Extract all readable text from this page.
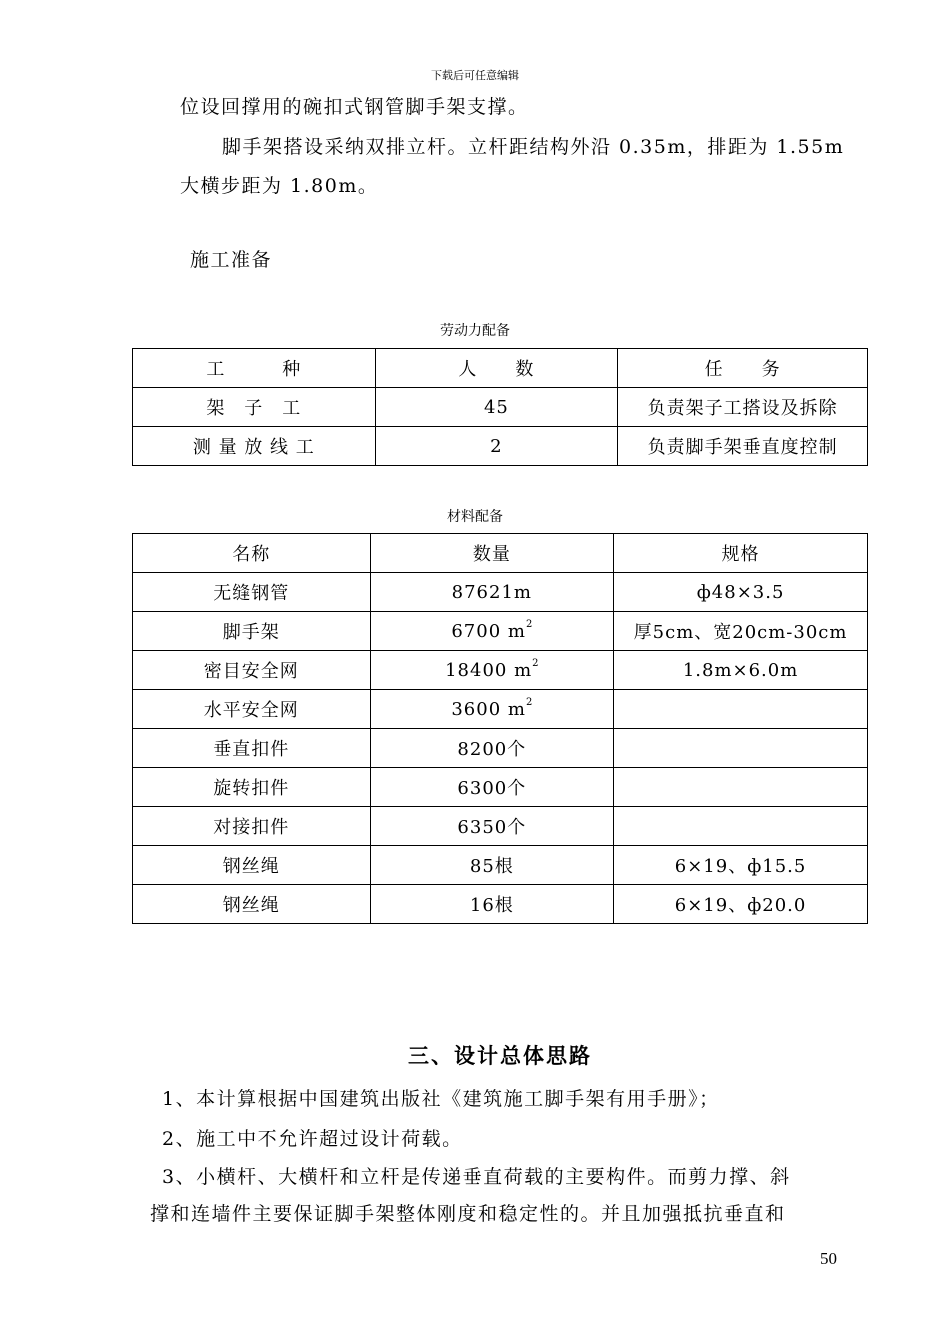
下载后可任意编辑
位设回撑用的碗扣式钢管脚手架支撑。
脚手架搭设采纳双排立杆。立杆距结构外沿 0.35m，排距为 1.55m
大横步距为 1.80m。
施工准备
劳动力配备
工　　　种	人　　数	任　　务
架　子　工	45	负责架子工搭设及拆除
测 量 放 线 工	2	负责脚手架垂直度控制
材料配备
名称	数量	规格
无缝钢管	87621m	ф48×3.5
脚手架	6700 $m^2$	厚5cm、宽20cm-30cm
密目安全网	18400 $m^2$	1.8m×6.0m
水平安全网	3600 $m^2$	
垂直扣件	8200个	
旋转扣件	6300个	
对接扣件	6350个	
钢丝绳	85根	6×19、ф15.5
钢丝绳	16根	6×19、ф20.0
三、设计总体思路
1、本计算根据中国建筑出版社《建筑施工脚手架有用手册》；
2、施工中不允许超过设计荷载。
3、小横杆、大横杆和立杆是传递垂直荷载的主要构件。而剪力撑、斜
撑和连墙件主要保证脚手架整体刚度和稳定性的。并且加强抵抗垂直和
50
